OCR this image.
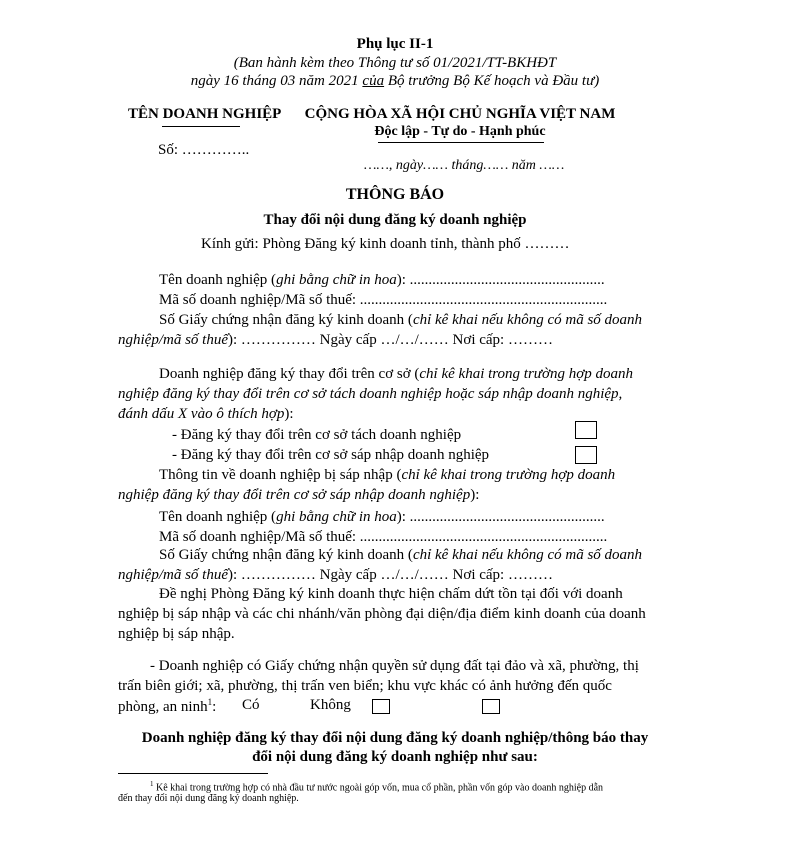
Phụ lục II-1
(Ban hành kèm theo Thông tư số 01/2021/TT-BKHĐT
ngày 16 tháng 03 năm 2021 của Bộ trưởng Bộ Kế hoạch và Đầu tư)
TÊN DOANH NGHIỆP	CỘNG HÒA XÃ HỘI CHỦ NGHĨA VIỆT NAM
Độc lập - Tự do - Hạnh phúc
Số: …………..
……, ngày…… tháng…… năm ……
THÔNG BÁO
Thay đổi nội dung đăng ký doanh nghiệp
Kính gửi: Phòng Đăng ký kinh doanh tỉnh, thành phố ………
Tên doanh nghiệp (ghi bằng chữ in hoa): ....................................................
Mã số doanh nghiệp/Mã số thuế: ..................................................................
Số Giấy chứng nhận đăng ký kinh doanh (chỉ kê khai nếu không có mã số doanh
nghiệp/mã số thuế): …………… Ngày cấp …/…/…… Nơi cấp: ………
Doanh nghiệp đăng ký thay đổi trên cơ sở (chỉ kê khai trong trường hợp doanh
nghiệp đăng ký thay đổi trên cơ sở tách doanh nghiệp hoặc sáp nhập doanh nghiệp,
đánh dấu X vào ô thích hợp):
- Đăng ký thay đổi trên cơ sở tách doanh nghiệp
- Đăng ký thay đổi trên cơ sở sáp nhập doanh nghiệp
Thông tin về doanh nghiệp bị sáp nhập (chỉ kê khai trong trường hợp doanh
nghiệp đăng ký thay đổi trên cơ sở sáp nhập doanh nghiệp):
Tên doanh nghiệp (ghi bằng chữ in hoa): ....................................................
Mã số doanh nghiệp/Mã số thuế: ..................................................................
Số Giấy chứng nhận đăng ký kinh doanh (chỉ kê khai nếu không có mã số doanh
nghiệp/mã số thuế): …………… Ngày cấp …/…/…… Nơi cấp: ………
Đề nghị Phòng Đăng ký kinh doanh thực hiện chấm dứt tồn tại đối với doanh
nghiệp bị sáp nhập và các chi nhánh/văn phòng đại diện/địa điểm kinh doanh của doanh
nghiệp bị sáp nhập.
- Doanh nghiệp có Giấy chứng nhận quyền sử dụng đất tại đảo và xã, phường, thị
trấn biên giới; xã, phường, thị trấn ven biển; khu vực khác có ảnh hưởng đến quốc
phòng, an ninh$^1$: Có	Không
Doanh nghiệp đăng ký thay đổi nội dung đăng ký doanh nghiệp/thông báo thay
đổi nội dung đăng ký doanh nghiệp như sau:
$^1$ Kê khai trong trường hợp có nhà đầu tư nước ngoài góp vốn, mua cổ phần, phần vốn góp vào doanh nghiệp dẫn
đến thay đổi nội dung đăng ký doanh nghiệp.
